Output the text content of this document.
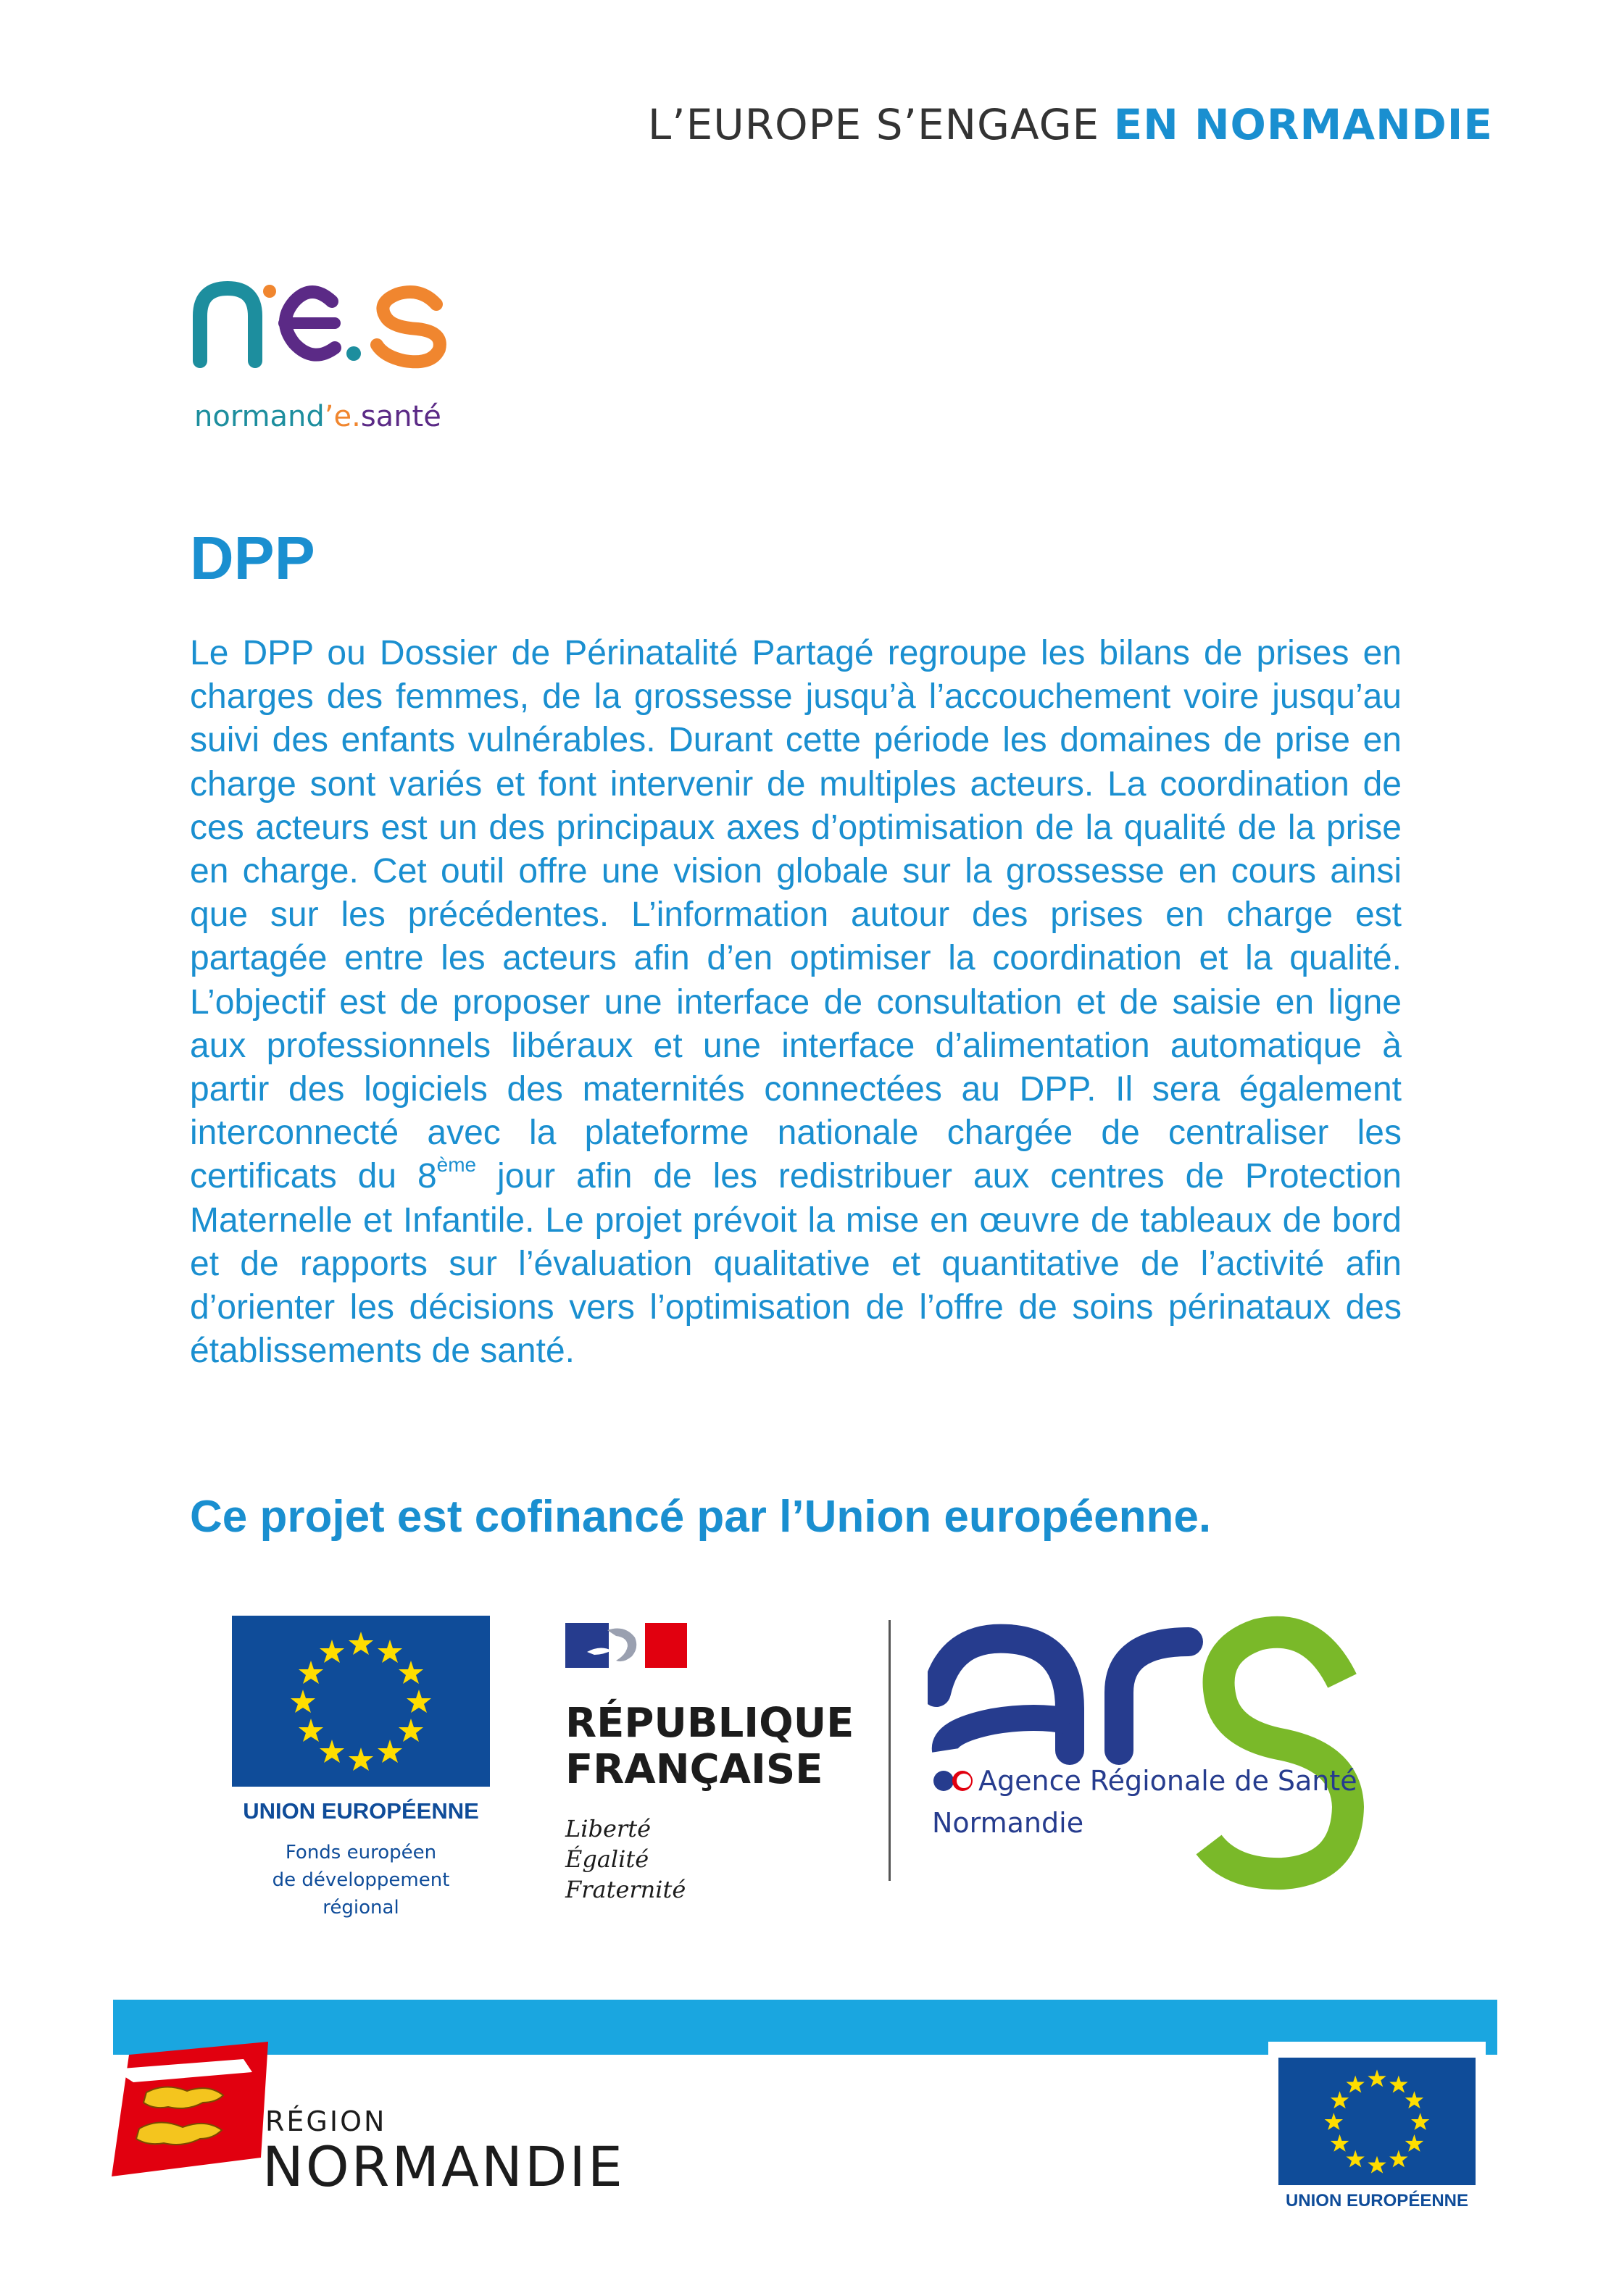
L’EUROPE S’ENGAGE EN NORMANDIE
normand’e.santé
DPP
Le DPP ou Dossier de Périnatalité Partagé regroupe les bilans de prises en charges des femmes, de la grossesse jusqu’à l’accouchement voire jusqu’au suivi des enfants vulnérables. Durant cette période les domaines de prise en charge sont variés et font intervenir de multiples acteurs. La coordination de ces acteurs est un des principaux axes d’optimisation de la qualité de la prise en charge. Cet outil offre une vision globale sur la grossesse en cours ainsi que sur les précédentes. L’information autour des prises en charge est partagée entre les acteurs afin d’en optimiser la coordination et la qualité. L’objectif est de proposer une interface de consultation et de saisie en ligne aux professionnels libéraux et une interface d’alimentation automatique à partir des logiciels des maternités connectées au DPP. Il sera également interconnecté avec la plateforme nationale chargée de centraliser les certificats du 8ème jour afin de les redistribuer aux centres de Protection Maternelle et Infantile. Le projet prévoit la mise en œuvre de tableaux de bord et de rapports sur l’évaluation qualitative et quantitative de l’activité afin d’orienter les décisions vers l’optimisation de l’offre de soins périnataux des établissements de santé.
Ce projet est cofinancé par l’Union européenne.
UNION EUROPÉENNE
Fonds européen
de développement régional
RÉPUBLIQUE
FRANÇAISE
Liberté
Égalité
Fraternité
Agence Régionale de Santé
Normandie
RÉGION
NORMANDIE
UNION EUROPÉENNE
